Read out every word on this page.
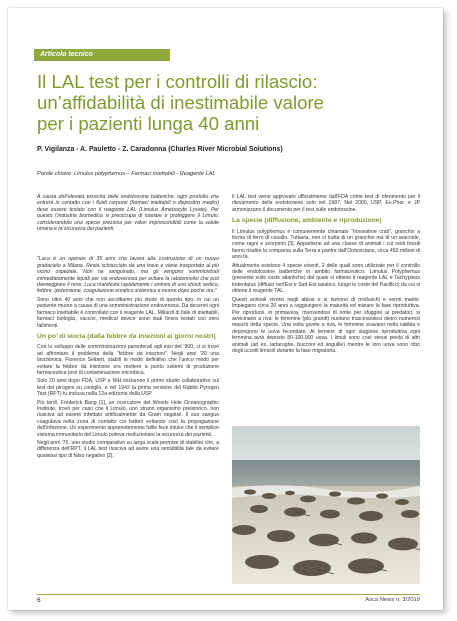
Articolo tecnico
Il LAL test per i controlli di rilascio:
un’affidabilità di inestimabile valore
per i pazienti lunga 40 anni
P. Vigilanza - A. Pauletto - Z. Caradonna (Charles River Microbial Solutions)
Parole chiave: Limulus polyphemus – Farmaci iniettabili - Reagente LAL

A causa dell’elevata tossicità delle endotossine batteriche, ogni prodotto che entrerà in contatto con i fluidi corporei (farmaci iniettabili o dispositivi medici) deve essere testato con il reagente LAL (Limulus Amebocyte Lysate). Per questo l’industria biomedica si preoccupa di tutelare e proteggere il Limulo, considerandolo una specie preziosa per valori imprescindibili come la salute umana e la sicurezza dei pazienti.

“Luca è un operaio di 35 anni che lavora alla costruzione di un nuovo grattacielo a Milano. Resta schiacciato da una trave e viene trasportato al più vicino ospedale. Non ha sanguinato, ma gli vengono somministrati immediatamente liquidi per via endovenosa per evitare la rabdomiolisi che può danneggiare il rene. Luca manifesta rapidamente i sintomi di uno shock settico, febbre, ipotensione, coagulazione ematica sistemica e muore dopo poche ore.”

Sono oltre 40 anni che non ascoltiamo più storie di questo tipo, in cui un paziente muore a causa di una somministrazione endovenosa. Da decenni ogni farmaco iniettabile è controllato con il reagente LAL. Miliardi di fiale di iniettabili, farmaci biologici, vaccini, medical device sono stati finora testati con zero fallimenti.

Un po’ di storia (dalla febbre da iniezioni ai giorni nostri)

Con lo sviluppo delle somministrazioni parenterali agli inizi del ‘900, ci si trovò ad affrontare il problema della “febbre da iniezioni”. Negli anni ‘20 una biochimica, Florence Seibert, stabilì in modo definitivo che l’unico modo per evitare la febbre da iniezione era mettere a punto sistemi di produzione farmaceutica privi di contaminazione microbica.

Solo 20 anni dopo FDA, USP e NIH iniziarono il primo studio collaborativo sul test dei pirogeni su coniglio, e nel 1942 la prima versione del Rabbit Pyrogen Test (RPT) fu inclusa nella 12a edizione della USP.

Più tardi, Frederick Bang [1], un ricercatore del Woods Hole Oceanographic Institute, trovò per caso che il Limulo, uno strano organismo preistorico, non riusciva ad essere infettato artificialmente da Gram negativi. Il suo sangue coagulava nella zona di contatto coi batteri evitando così la propagazione dell’infezione. Un esperimento apparentemente futile fece intuire che il semplice sistema immunitario del Limulo poteva rivoluzionare la sicurezza dei pazienti.

Negli anni ‘70, uno studio comparativo su larga scala permise di stabilire che, a differenza dell’RPT, il LAL test riusciva ad avere una sensibilità tale da evitare qualsiasi tipo di falso negativo [2].

Il LAL test viene approvato ufficialmente dall’FDA come test di riferimento per il rilevamento delle endotossine solo nel 1987. Nel 2000, USP, Eu.Phar. e JP armonizzano il documento per il test sulle endotossine.

La specie (diffusione, ambiente e riproduzione)

Il Limulus polyphemus è comunemente chiamato “horseshoe crab”, granchio a forma di ferro di cavallo. Tuttavia, non si tratta di un granchio ma di un aracnide, come ragni e scorpioni [3]. Appartiene ad una classe di animali i cui resti fossili fanno risalire la comparsa sulla Terra a partire dall’Ordoviciano, circa 450 milioni di anni fa.

Attualmente esistono 4 specie viventi, 2 delle quali sono utilizzate per il controllo delle endotossine batteriche in ambito farmaceutico: Limulus Polyphemus (presente sulle coste atlantiche) dal quale si ottiene il reagente LAL e Tachypleus tridentatus (diffuso nell’Est e Sud-Est asiatico, lungo le coste del Pacifico) da cui si ottiene il reagente TAL.

Questi animali vivono negli abissi e si nutrono di molluschi e vermi marini. Impiegano circa 20 anni a raggiungere la maturità ed iniziare la fase riproduttiva. Per riprodursi, in primavera, muovendosi di notte per sfuggire ai predatori, si avvicinano a riva: le femmine (più grandi) nuotano trascinandosi dietro numerosi maschi della specie. Una volta giunte a riva, le femmine scavano nella sabbia e depongono le uova fecondate. Al termine di ogni stagione riproduttiva ogni femmina avrà deposto 80-100.000 uova. I limuli sono così stessi preda di altri animali (ad es. tartarughe, bucconi ed anguille) mentre le loro uova sono cibo degli uccelli limicoli durante la fase migratoria.

6	Asca News n. 3/2019
